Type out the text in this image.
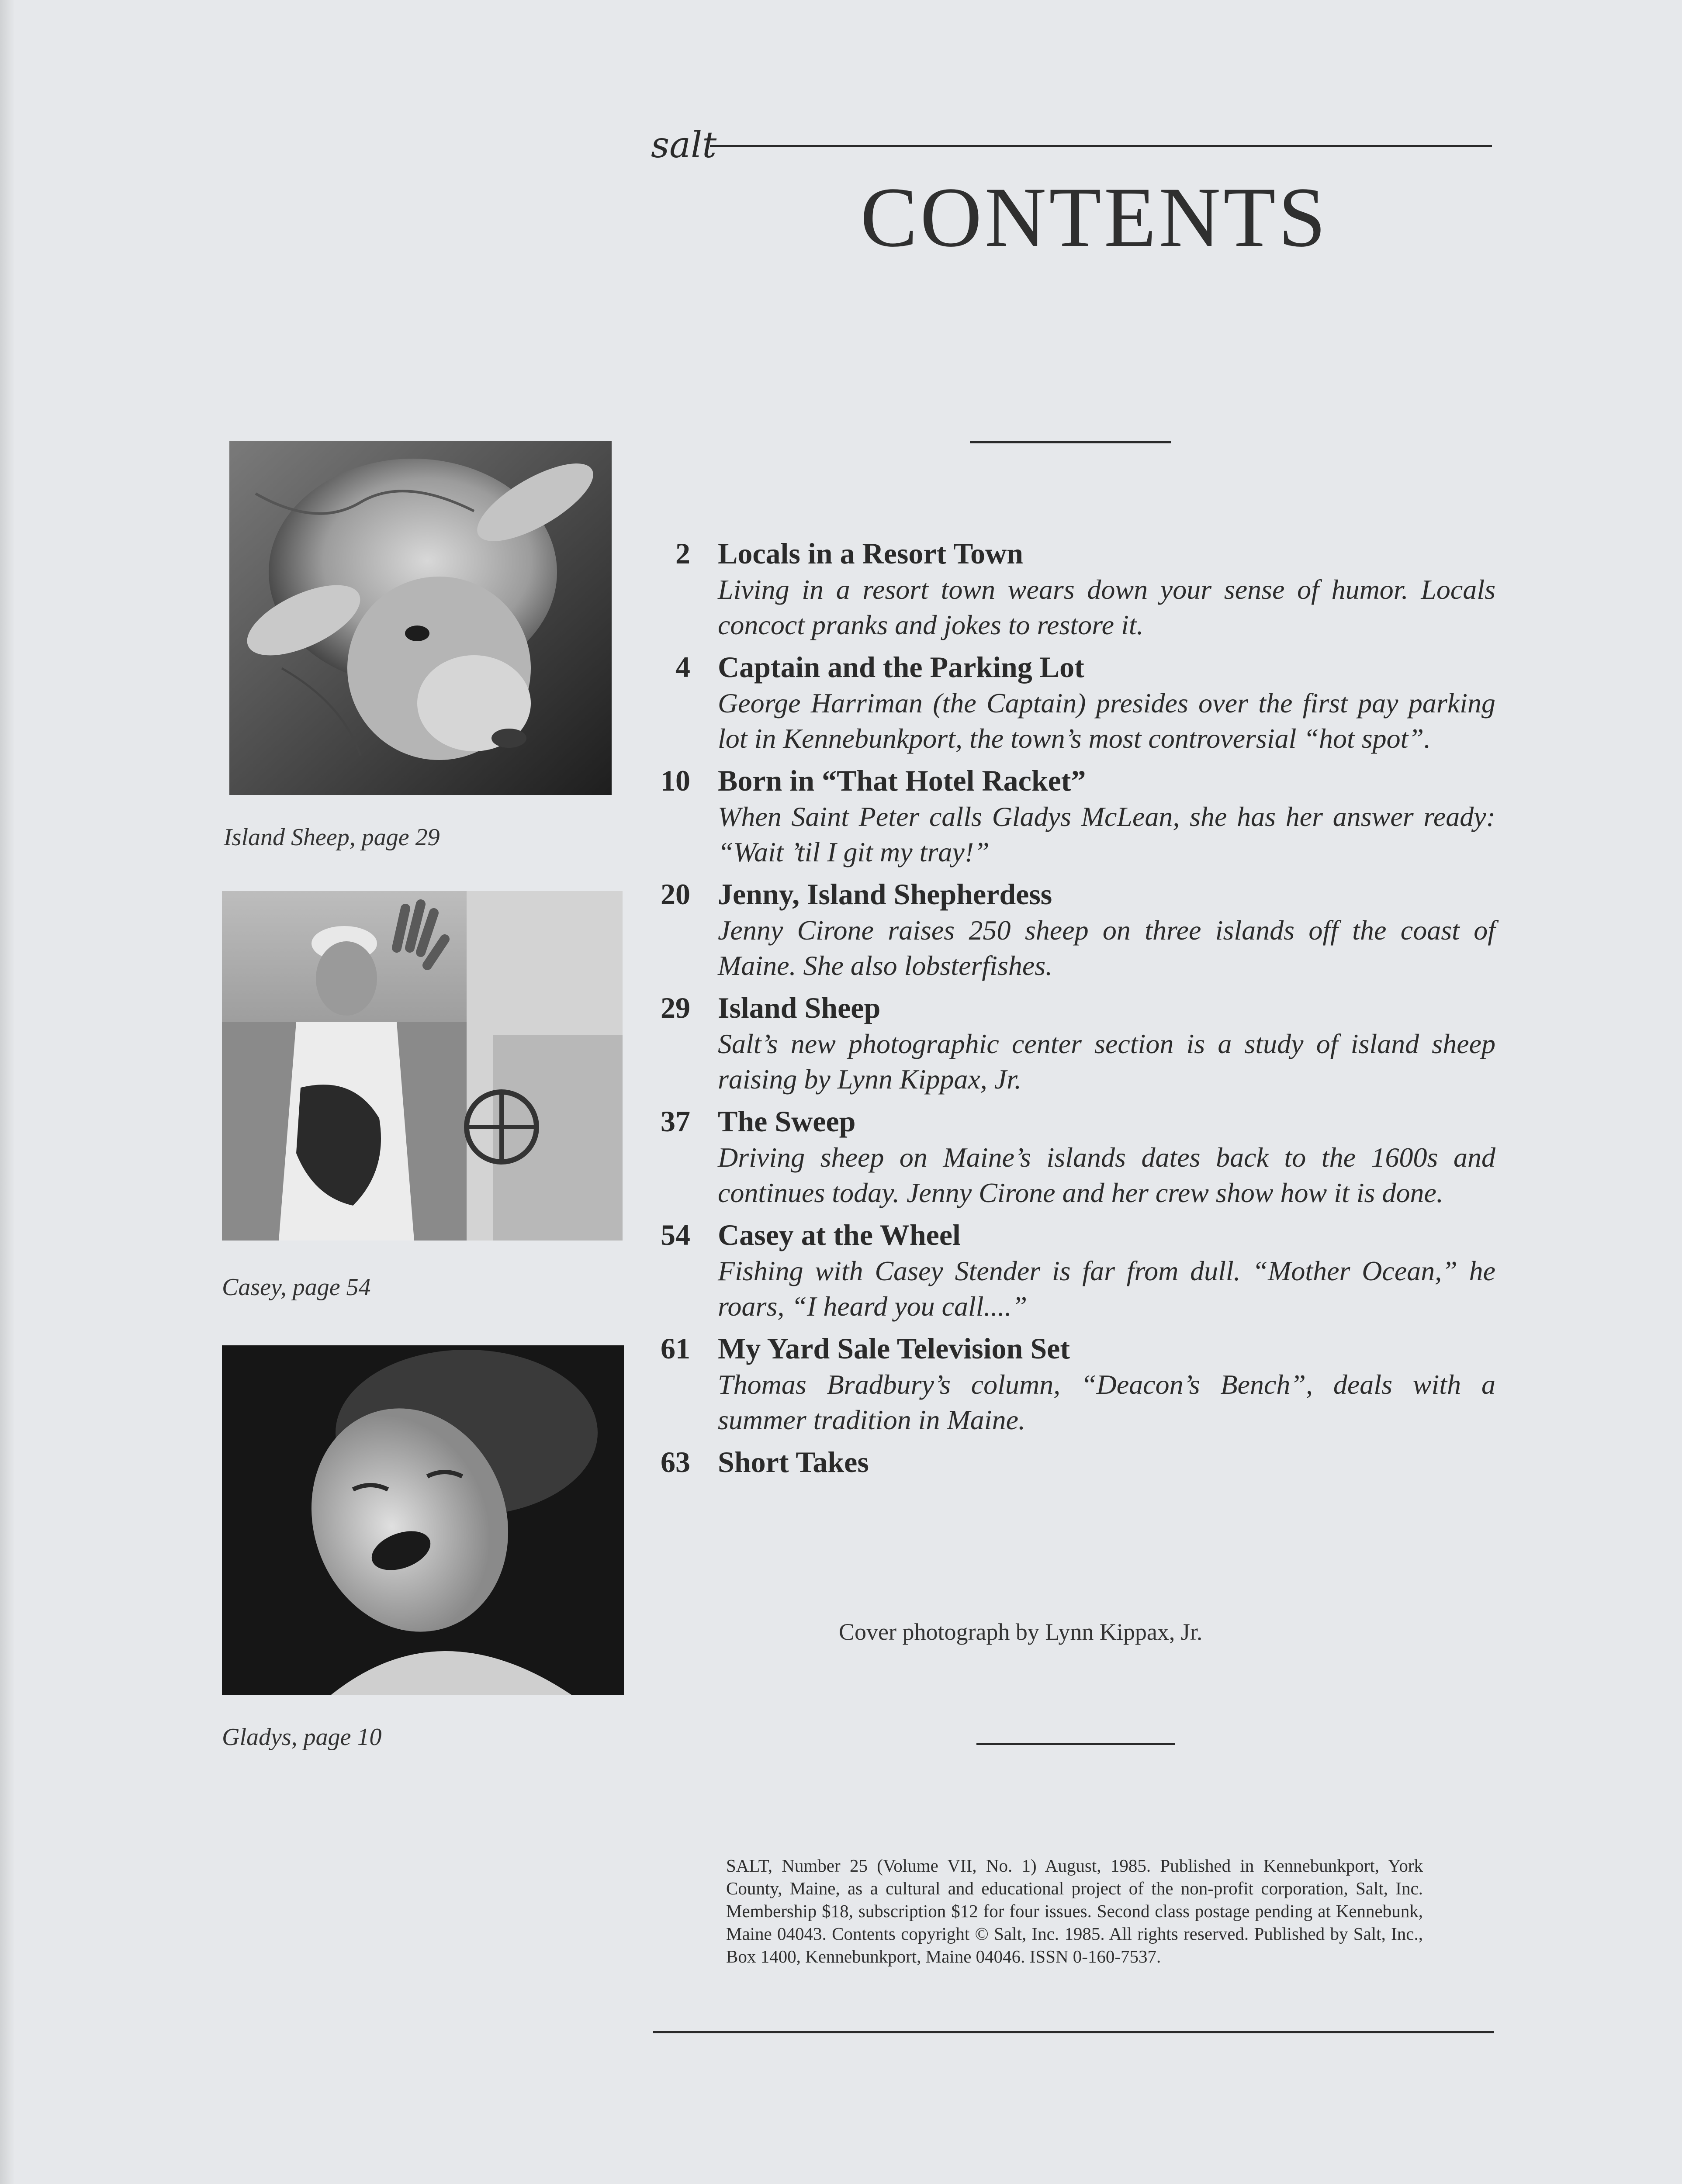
salt
CONTENTS
Island Sheep, page 29
Casey, page 54
Gladys, page 10
2 Locals in a Resort Town
Living in a resort town wears down your sense of humor. Locals concoct pranks and jokes to restore it.
4 Captain and the Parking Lot
George Harriman (the Captain) presides over the first pay parking lot in Kennebunkport, the town’s most controversial “hot spot”.
10 Born in “That Hotel Racket”
When Saint Peter calls Gladys McLean, she has her answer ready: “Wait ’til I git my tray!”
20 Jenny, Island Shepherdess
Jenny Cirone raises 250 sheep on three islands off the coast of Maine. She also lobsterfishes.
29 Island Sheep
Salt’s new photographic center section is a study of island sheep raising by Lynn Kippax, Jr.
37 The Sweep
Driving sheep on Maine’s islands dates back to the 1600s and continues today. Jenny Cirone and her crew show how it is done.
54 Casey at the Wheel
Fishing with Casey Stender is far from dull. “Mother Ocean,” he roars, “I heard you call....”
61 My Yard Sale Television Set
Thomas Bradbury’s column, “Deacon’s Bench”, deals with a summer tradition in Maine.
63 Short Takes
Cover photograph by Lynn Kippax, Jr.
SALT, Number 25 (Volume VII, No. 1) August, 1985. Published in Kennebunkport, York County, Maine, as a cultural and educational project of the non-profit corporation, Salt, Inc. Membership $18, subscription $12 for four issues. Second class postage pending at Kennebunk, Maine 04043. Contents copyright © Salt, Inc. 1985. All rights reserved. Published by Salt, Inc., Box 1400, Kennebunkport, Maine 04046. ISSN 0-160-7537.
